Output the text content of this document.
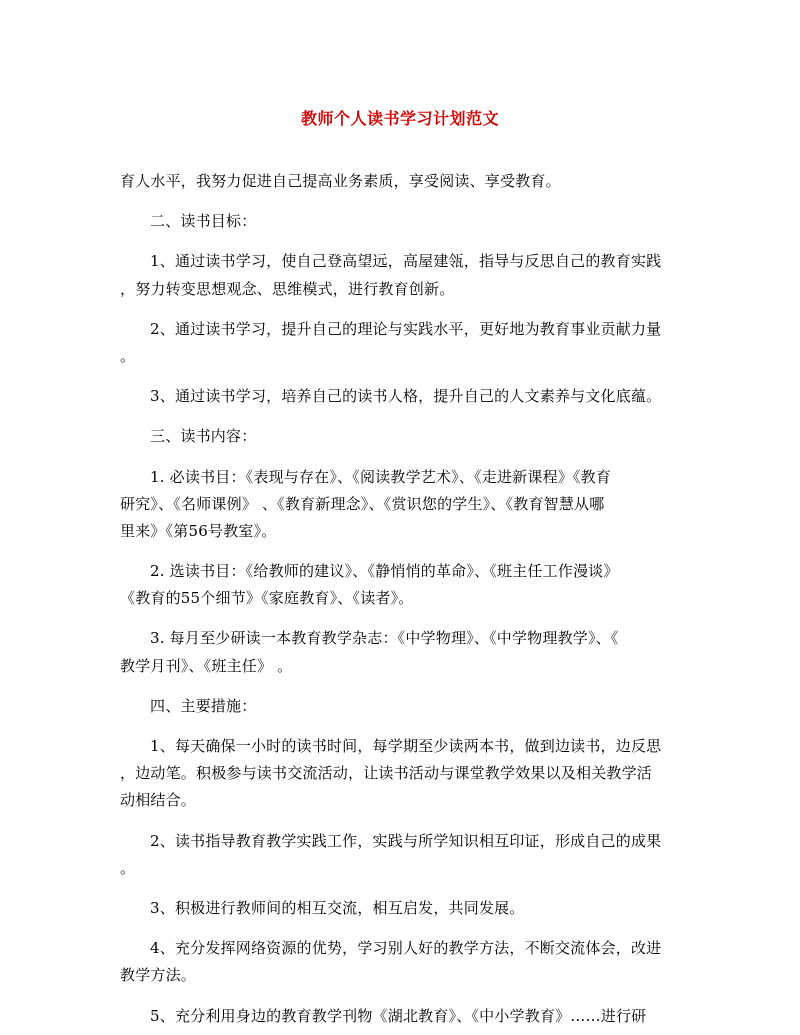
教师个人读书学习计划范文
育人水平，我努力促进自己提高业务素质，享受阅读、享受教育。
二、读书目标：
1、通过读书学习，使自己登高望远，高屋建瓴，指导与反思自己的教育实践
，努力转变思想观念、思维模式，进行教育创新。
2、通过读书学习，提升自己的理论与实践水平，更好地为教育事业贡献力量
。
3、通过读书学习，培养自己的读书人格，提升自己的人文素养与文化底蕴。
三、读书内容：
1. 必读书目：《表现与存在》、《阅读教学艺术》、《走进新课程》《教育
研究》、《名师课例》 、《教育新理念》、《赏识您的学生》、《教育智慧从哪
里来》《第56号教室》。
2. 选读书目：《给教师的建议》、《静悄悄的革命》、《班主任工作漫谈》
《教育的55个细节》《家庭教育》、《读者》。
3. 每月至少研读一本教育教学杂志：《中学物理》、《中学物理教学》、《
教学月刊》、《班主任》 。
四、主要措施：
1、每天确保一小时的读书时间，每学期至少读两本书，做到边读书，边反思
，边动笔。积极参与读书交流活动，让读书活动与课堂教学效果以及相关教学活
动相结合。
2、读书指导教育教学实践工作，实践与所学知识相互印证，形成自己的成果
。
3、积极进行教师间的相互交流，相互启发，共同发展。
4、充分发挥网络资源的优势，学习别人好的教学方法，不断交流体会，改进
教学方法。
5、充分利用身边的教育教学刊物《湖北教育》、《中小学教育》……进行研
